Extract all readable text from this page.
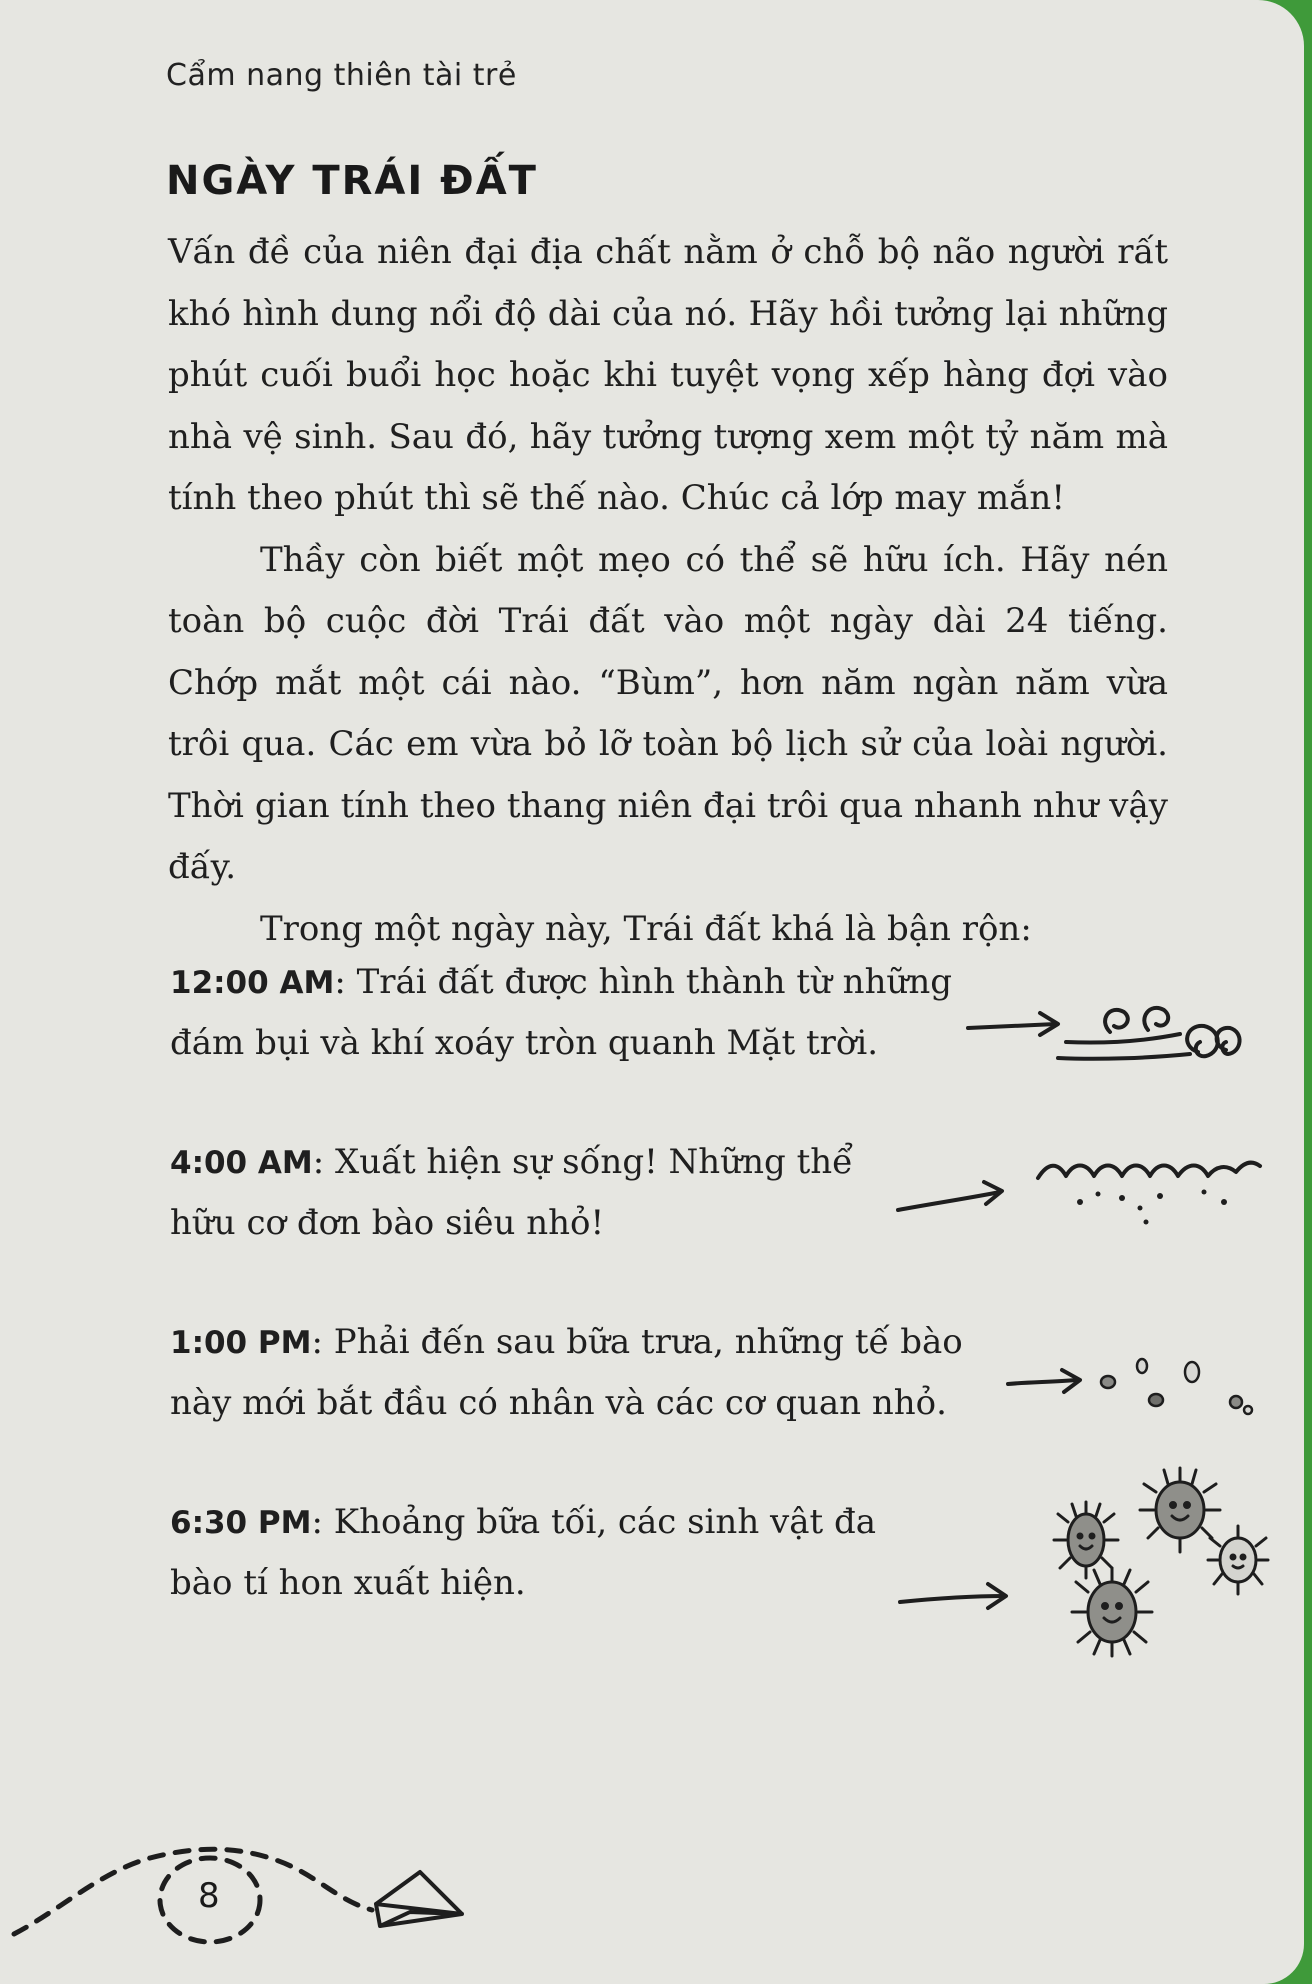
Cẩm nang thiên tài trẻ
NGÀY TRÁI ĐẤT

Vấn đề của niên đại địa chất nằm ở chỗ bộ não người rất khó hình dung nổi độ dài của nó. Hãy hồi tưởng lại những phút cuối buổi học hoặc khi tuyệt vọng xếp hàng đợi vào nhà vệ sinh. Sau đó, hãy tưởng tượng xem một tỷ năm mà tính theo phút thì sẽ thế nào. Chúc cả lớp may mắn!

Thầy còn biết một mẹo có thể sẽ hữu ích. Hãy nén toàn bộ cuộc đời Trái đất vào một ngày dài 24 tiếng. Chớp mắt một cái nào. “Bùm”, hơn năm ngàn năm vừa trôi qua. Các em vừa bỏ lỡ toàn bộ lịch sử của loài người. Thời gian tính theo thang niên đại trôi qua nhanh như vậy đấy.

Trong một ngày này, Trái đất khá là bận rộn:

12:00 AM: Trái đất được hình thành từ những đám bụi và khí xoáy tròn quanh Mặt trời.
4:00 AM: Xuất hiện sự sống! Những thể hữu cơ đơn bào siêu nhỏ!
1:00 PM: Phải đến sau bữa trưa, những tế bào này mới bắt đầu có nhân và các cơ quan nhỏ.
6:30 PM: Khoảng bữa tối, các sinh vật đa bào tí hon xuất hiện.
8
